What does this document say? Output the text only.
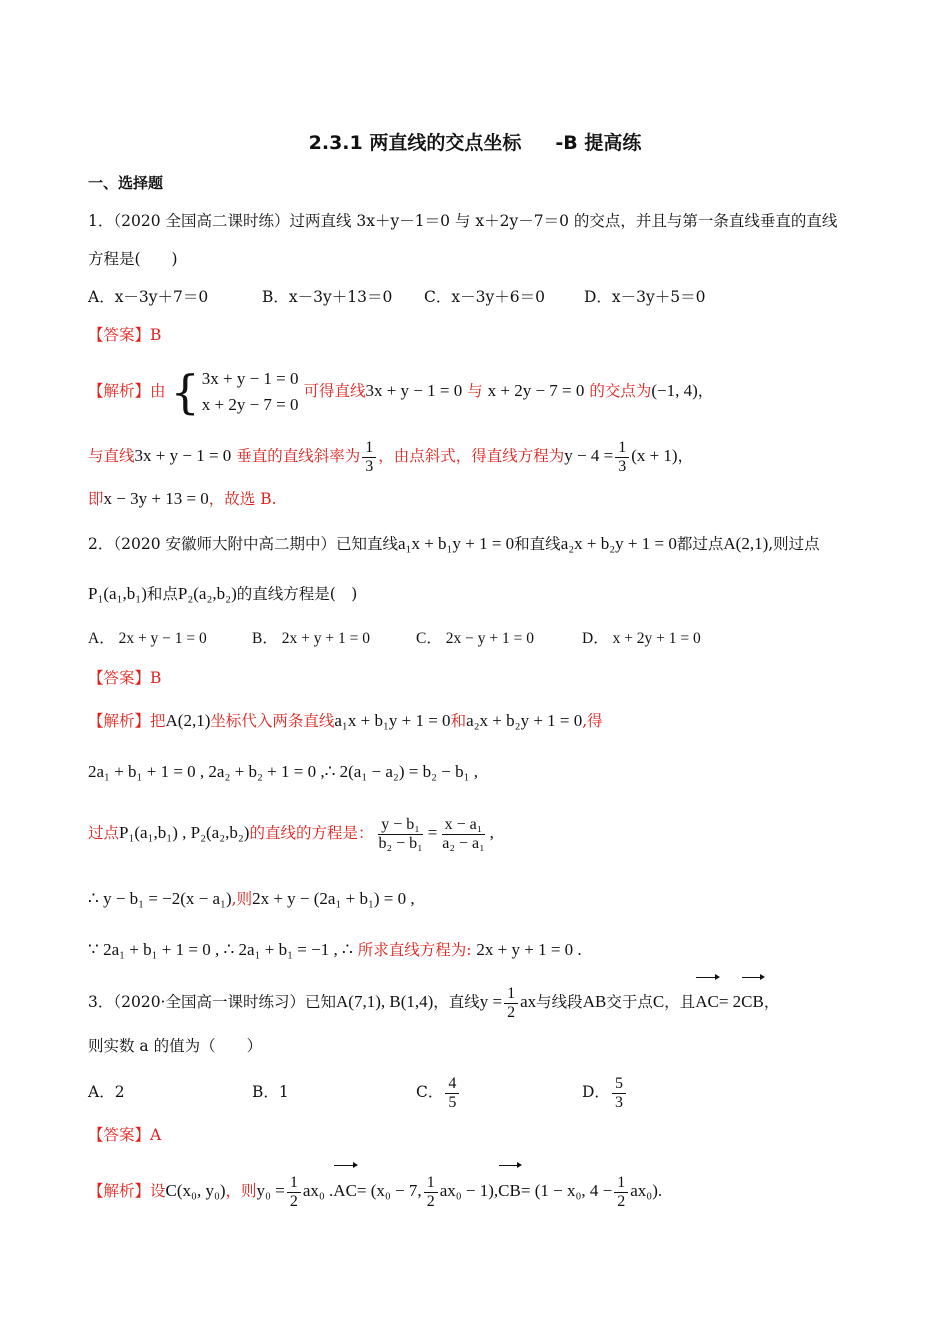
2.3.1 两直线的交点坐标 -B 提高练
一、选择题
1．（2020 全国高二课时练）过两直线 3x＋y－1＝0 与 x＋2y－7＝0 的交点，并且与第一条直线垂直的直线
方程是(　　)
A．x－3y＋7＝0	B．x－3y＋13＝0 C．x－3y＋6＝0	D．x－3y＋5＝0
【答案】B
【解析】由 { 3x + y − 1 = 0
x + 2y − 7 = 0
可得直线3x + y − 1 = 0 与 x + 2y − 7 = 0 的交点为(−1, 4)，
与直线3x + y − 1 = 0 垂直的直线斜率为 $\frac{1}{3}$ ，由点斜式，得直线方程为$y - 4 = \frac{1}{3} (x + 1)$，
即x − 3y + 13 = 0，故选 B.
2．（2020 安徽师大附中高二期中）已知直线a₁x + b₁y + 1 = 0和直线a₂x + b₂y + 1 = 0都过点A(2,1),则过点
P₁(a₁,b₁)和点P₂(a₂,b₂)的直线方程是(　)
A． 2x + y − 1 = 0	B． 2x + y + 1 = 0	C． 2x − y + 1 = 0	D． x + 2y + 1 = 0
【答案】B
【解析】把A(2,1)坐标代入两条直线a₁x + b₁y + 1 = 0和a₂x + b₂y + 1 = 0,得
2a₁ + b₁ + 1 = 0 , 2a₂ + b₂ + 1 = 0 ,∴ 2(a₁ − a₂) = b₂ − b₁ ,
过点P₁(a₁,b₁) , P₂(a₂,b₂)的直线的方程是： $\frac{\text{y − b₁}}{\text{b₂ − b₁}} = \frac{\text{x − a₁}}{\text{a₂ − a₁}}$ ,
∴ y − b₁ = −2(x − a₁),则2x + y − (2a₁ + b₁) = 0 ,
∵ 2a₁ + b₁ + 1 = 0 , ∴ 2a₁ + b₁ = −1 , ∴ 所求直线方程为: 2x + y + 1 = 0 .
3．（2020·全国高一课时练习）已知A(7,1), B(1,4)，直线$y = \frac{1}{2}$ ax与线段AB交于点C，且AC= 2CB，
则实数 a 的值为（　　）
A．2	B．1	C． $\frac{4}{5}$	D． $\frac{5}{3}$
【答案】A
【解析】设C(x₀, y₀)，则$y_0 = \frac{1}{2} ax_0$ .AC= (x₀ − 7, $\frac{1}{2} ax_0 - 1),CB= (1 - x_0$, $4 - \frac{1}{2} ax_0$).
